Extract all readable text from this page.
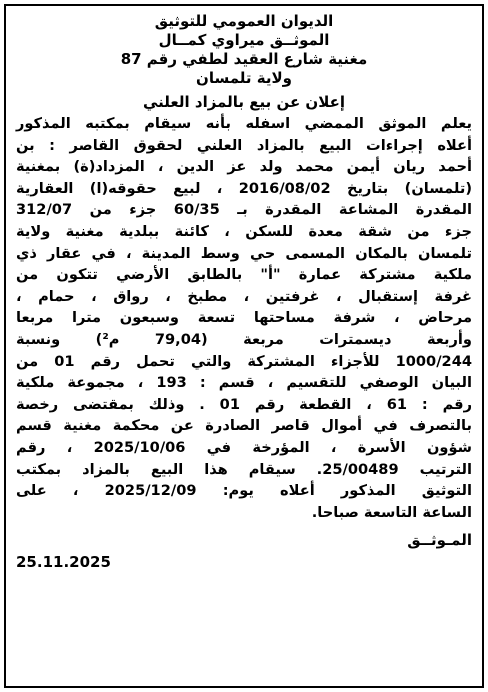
الديوان العمومي للتوثيق
الموثــق ميراوي كمــال
مغنية شارع العقيد لطفي رقم 87
ولاية تلمسان
إعلان عن بيع بالمزاد العلني
يعلم الموثق الممضي اسفله بأنه سيقام بمكتبه المذكور
أعلاه إجراءات البيع بالمزاد العلني لحقوق القاصر : بن
أحمد ريان أيمن محمد ولد عز الدين ، المزداد(ة) بمغنية
(تلمسان) بتاريخ 2016/08/02 ، لبيع حقوقه(ا) العقارية
المقدرة المشاعة المقدرة بـ 60/35 جزء من 312/07
جزء من شقة معدة للسكن ، كائنة ببلدية مغنية ولاية
تلمسان بالمكان المسمى حي وسط المدينة ، في عقار ذي
ملكية مشتركة عمارة "أ" بالطابق الأرضي تتكون من
غرفة إستقبال ، غرفتين ، مطبخ ، رواق ، حمام ،
مرحاض ، شرفة مساحتها تسعة وسبعون مترا مربعا
وأربعة ديسمترات مربعة (79,04 م²) ونسبة
1000/244 للأجزاء المشتركة والتي تحمل رقم 01 من
البيان الوصفي للتقسيم ، قسم : 193 ، مجموعة ملكية
رقم : 61 ، القطعة رقم 01 . وذلك بمقتضى رخصة
بالتصرف في أموال قاصر الصادرة عن محكمة مغنية قسم
شؤون الأسرة ، المؤرخة في 2025/10/06 ، رقم
الترتيب 25/00489. سيقام هذا البيع بالمزاد بمكتب
التوثيق المذكور أعلاه يوم: 2025/12/09 ، على
الساعة التاسعة صباحا.
المـوثــق
25.11.2025
